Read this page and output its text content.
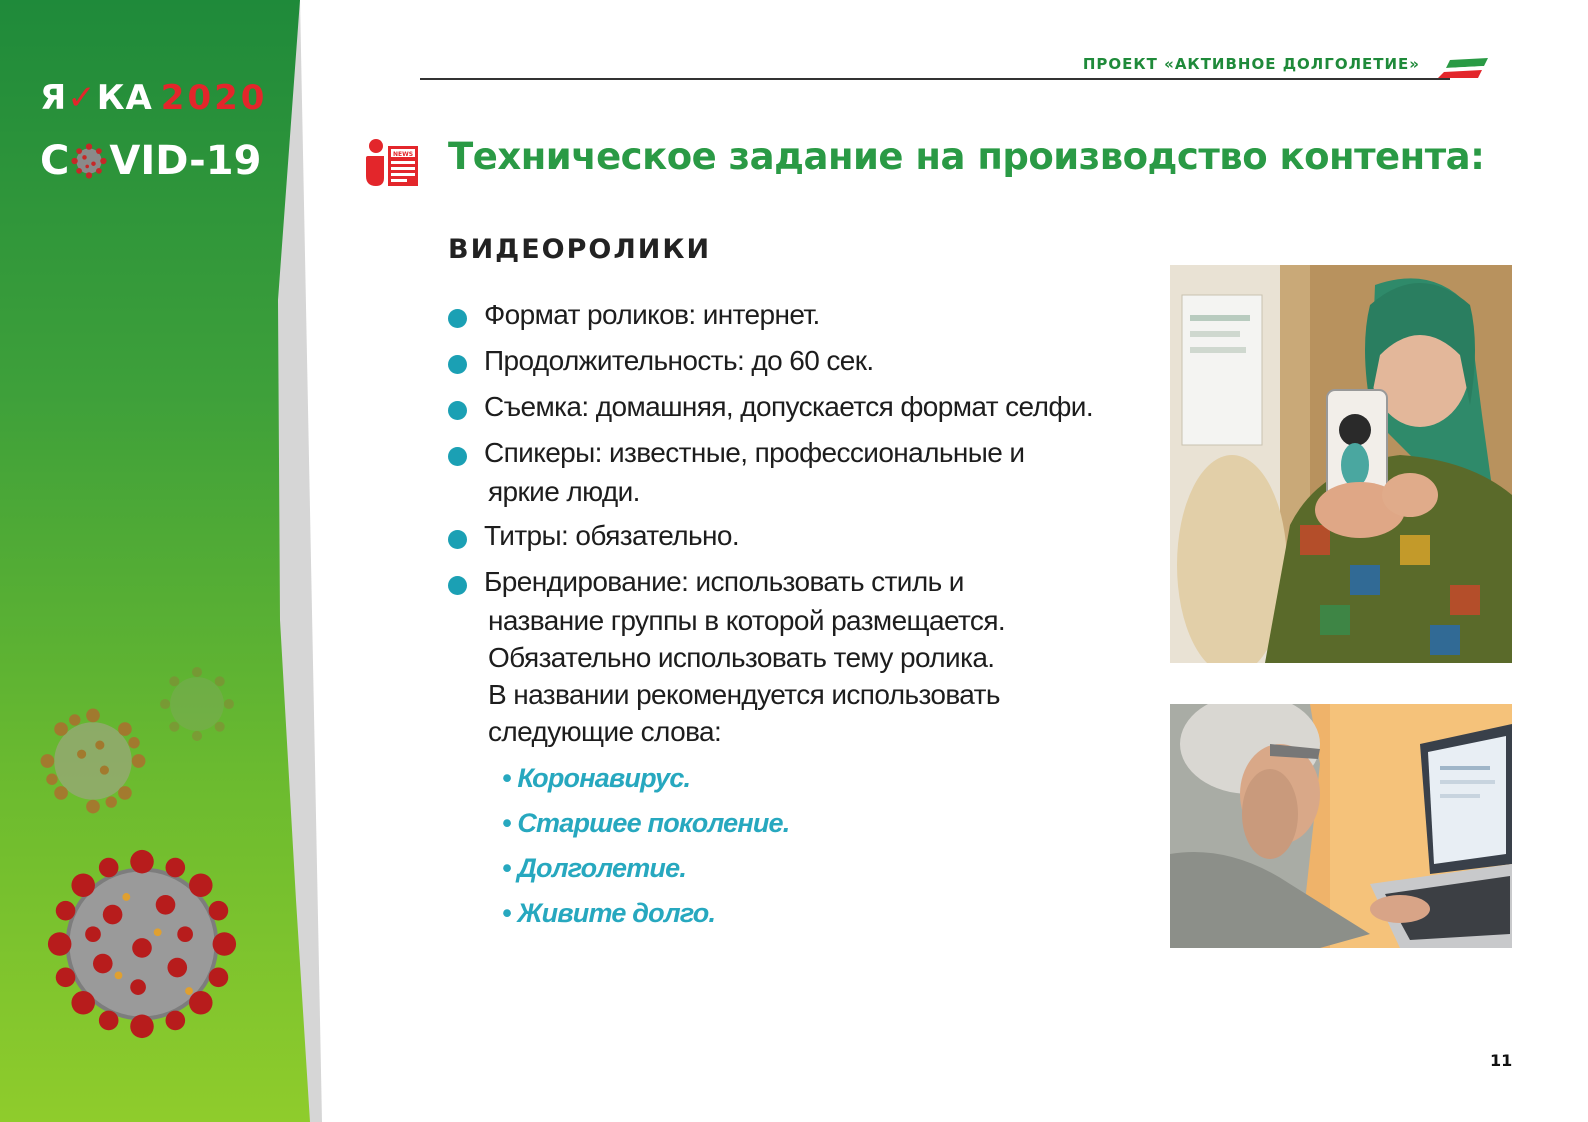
Я✓КА 2020
C VID-19
ПРОЕКТ «АКТИВНОЕ ДОЛГОЛЕТИЕ»
NEWS Техническое задание на производство контента:
ВИДЕОРОЛИКИ
Формат роликов: интернет.
Продолжительность: до 60 сек.
Съемка: домашняя, допускается формат селфи.
Спикеры: известные, профессиональные и
яркие люди.
Титры: обязательно.
Брендирование: использовать стиль и
название группы в которой размещается.
Обязательно использовать тему ролика.
В названии рекомендуется использовать
следующие слова:
• Коронавирус.
• Старшее поколение.
• Долголетие.
• Живите долго.
11
